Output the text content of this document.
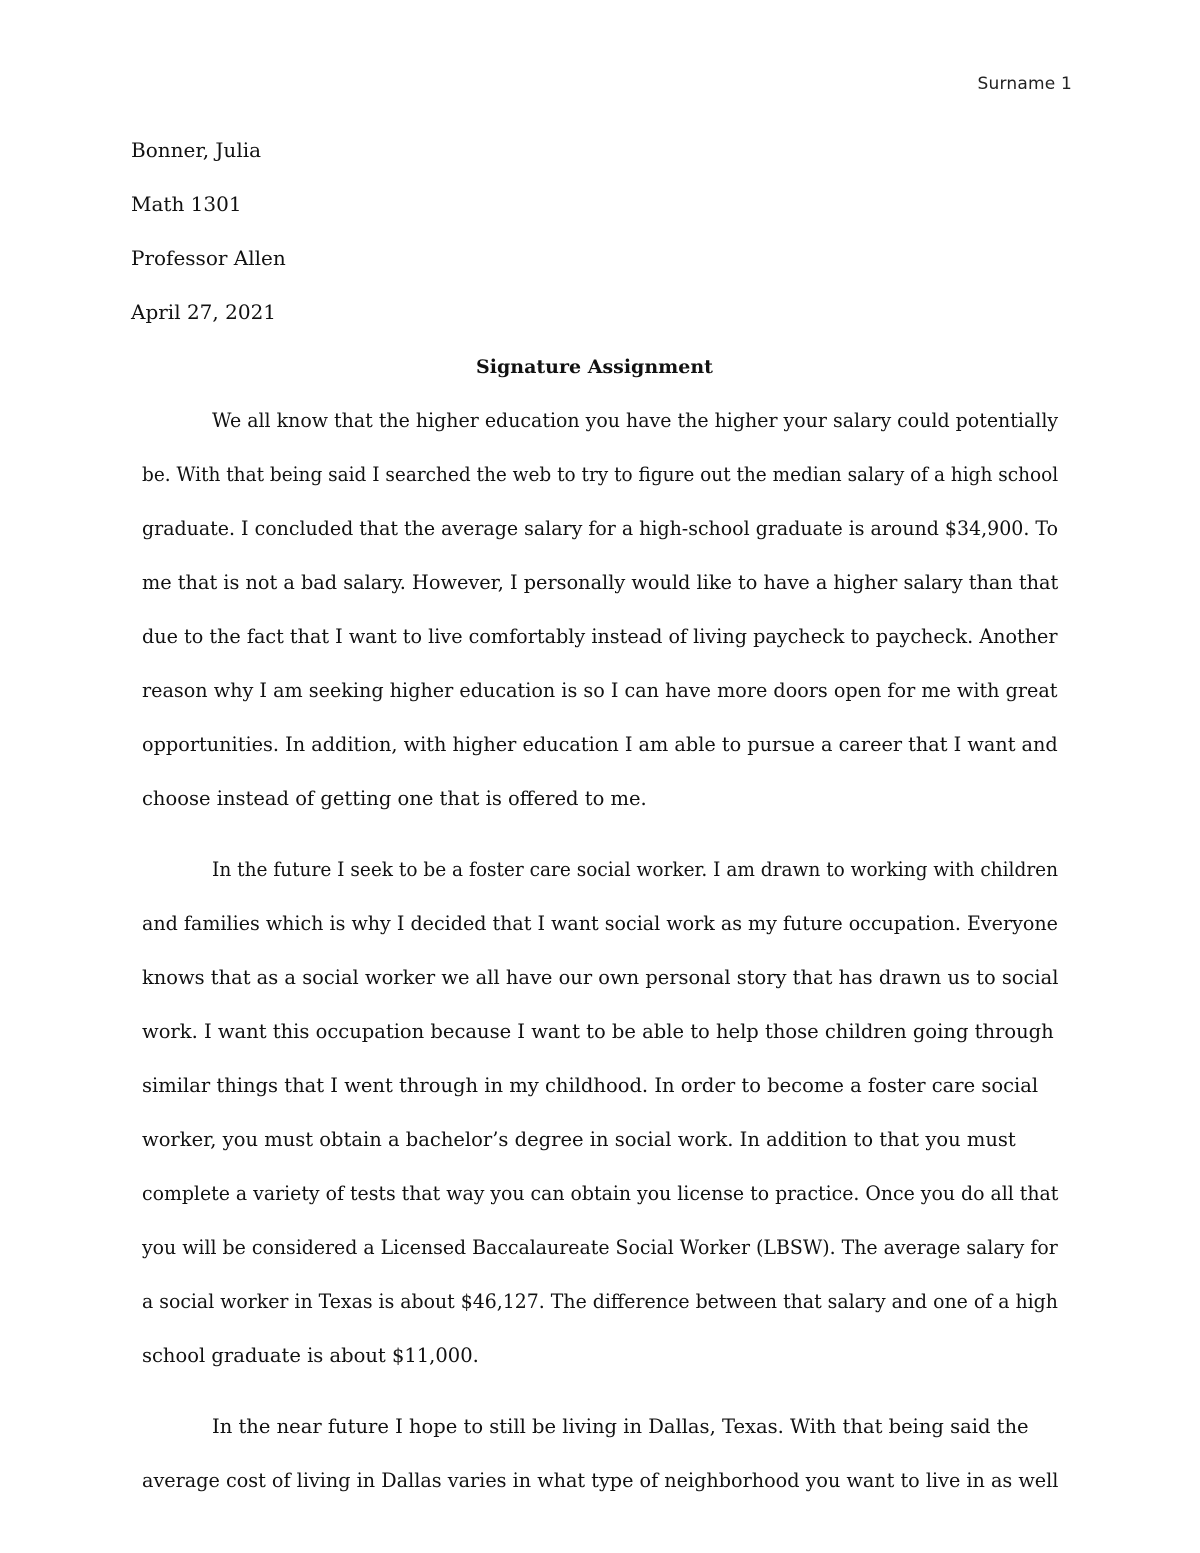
Surname 1
Bonner, Julia
Math 1301
Professor Allen
April 27, 2021
Signature Assignment
We all know that the higher education you have the higher your salary could potentially
be. With that being said I searched the web to try to figure out the median salary of a high school
graduate. I concluded that the average salary for a high-school graduate is around $34,900. To
me that is not a bad salary. However, I personally would like to have a higher salary than that
due to the fact that I want to live comfortably instead of living paycheck to paycheck. Another
reason why I am seeking higher education is so I can have more doors open for me with great
opportunities. In addition, with higher education I am able to pursue a career that I want and
choose instead of getting one that is offered to me.
In the future I seek to be a foster care social worker. I am drawn to working with children
and families which is why I decided that I want social work as my future occupation. Everyone
knows that as a social worker we all have our own personal story that has drawn us to social
work. I want this occupation because I want to be able to help those children going through
similar things that I went through in my childhood. In order to become a foster care social
worker, you must obtain a bachelor’s degree in social work. In addition to that you must
complete a variety of tests that way you can obtain you license to practice. Once you do all that
you will be considered a Licensed Baccalaureate Social Worker (LBSW). The average salary for
a social worker in Texas is about $46,127. The difference between that salary and one of a high
school graduate is about $11,000.
In the near future I hope to still be living in Dallas, Texas. With that being said the
average cost of living in Dallas varies in what type of neighborhood you want to live in as well
